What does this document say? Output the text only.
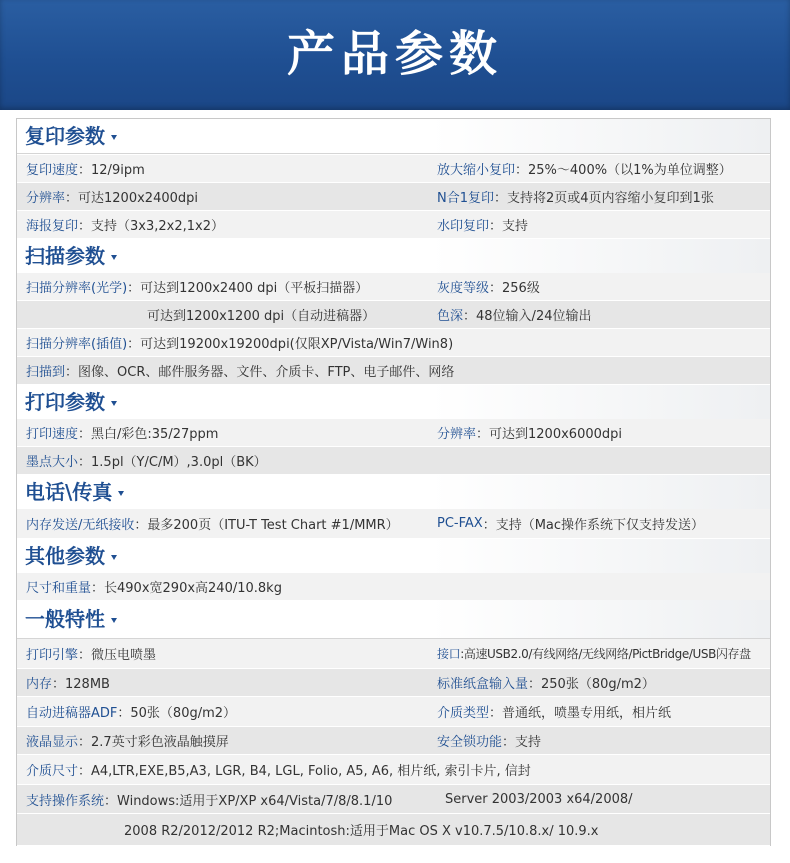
产品参数
复印参数
复印速度 ：12/9ipm	放大缩小复印 ：25%～400%（以1%为单位调整）
分辨率 ：可达1200x2400dpi	N合1复印 ：支持将2页或4页内容缩小复印到1张
海报复印 ：支持（3x3,2x2,1x2）	水印复印 ：支持
扫描参数
扫描分辨率(光学) ：可达到1200x2400 dpi（平板扫描器）	灰度等级 ：256级
可达到1200x1200 dpi（自动进稿器）	色深 ：48位输入/24位输出
扫描分辨率(插值) ：可达到19200x19200dpi(仅限XP/Vista/Win7/Win8)
扫描到 ：图像、OCR、邮件服务器、文件、介质卡、FTP、电子邮件、网络
打印参数
打印速度 ：黑白/彩色:35/27ppm	分辨率 ：可达到1200x6000dpi
墨点大小 ：1.5pl（Y/C/M）,3.0pl（BK）
电话\传真
内存发送/无纸接收 ：最多200页（ITU-T Test Chart #1/MMR）	PC-FAX ：支持（Mac操作系统下仅支持发送）
其他参数
尺寸和重量 ：长490x宽290x高240/10.8kg
一般特性
打印引擎 ：微压电喷墨	接口 :高速USB2.0/有线网络/无线网络/PictBridge/USB闪存盘
内存 ：128MB	标准纸盒输入量 ：250张（80g/m2）
自动进稿器ADF ：50张（80g/m2）	介质类型 ：普通纸，喷墨专用纸，相片纸
液晶显示 ：2.7英寸彩色液晶触摸屏	安全锁功能 ：支持
介质尺寸 ：A4,LTR,EXE,B5,A3, LGR, B4, LGL, Folio, A5, A6, 相片纸, 索引卡片, 信封
支持操作系统 ：Windows:适用于XP/XP x64/Vista/7/8/8.1/10	Server 2003/2003 x64/2008/
2008 R2/2012/2012 R2;Macintosh:适用于Mac OS X v10.7.5/10.8.x/ 10.9.x
